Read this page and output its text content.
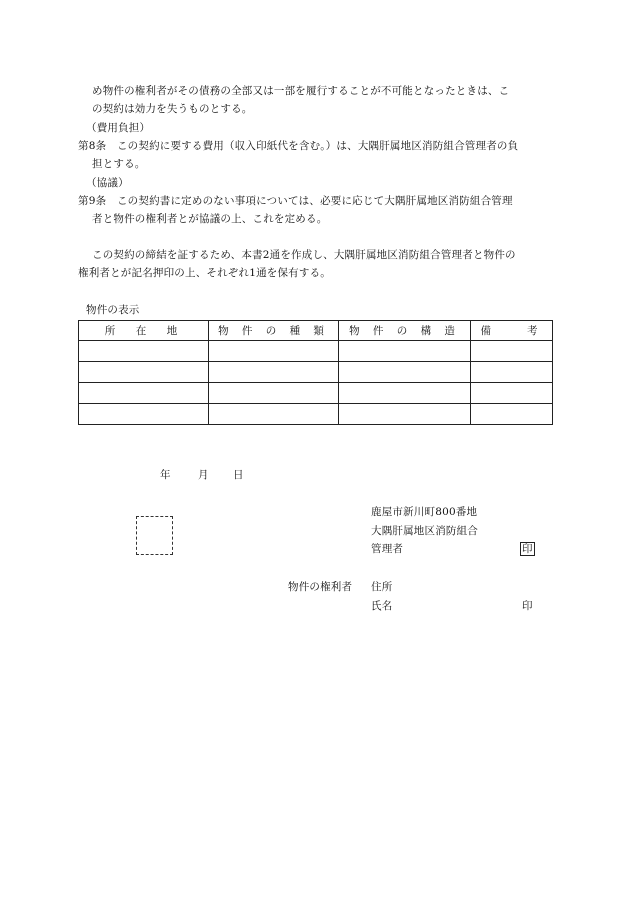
め物件の権利者がその債務の全部又は一部を履行することが不可能となったときは、こ
の契約は効力を失うものとする。
（費用負担）
第8条　この契約に要する費用（収入印紙代を含む。）は、大隅肝属地区消防組合管理者の負
担とする。
（協議）
第9条　この契約書に定めのない事項については、必要に応じて大隅肝属地区消防組合管理
者と物件の権利者とが協議の上、これを定める。
この契約の締結を証するため、本書2通を作成し、大隅肝属地区消防組合管理者と物件の
権利者とが記名押印の上、それぞれ1通を保有する。
物件の表示
所　在　地	物 件 の 種 類	物 件 の 構 造	備　　考

年	月 日
鹿屋市新川町800番地
大隅肝属地区消防組合
管理者	印
物件の権利者 住所
氏名	印
